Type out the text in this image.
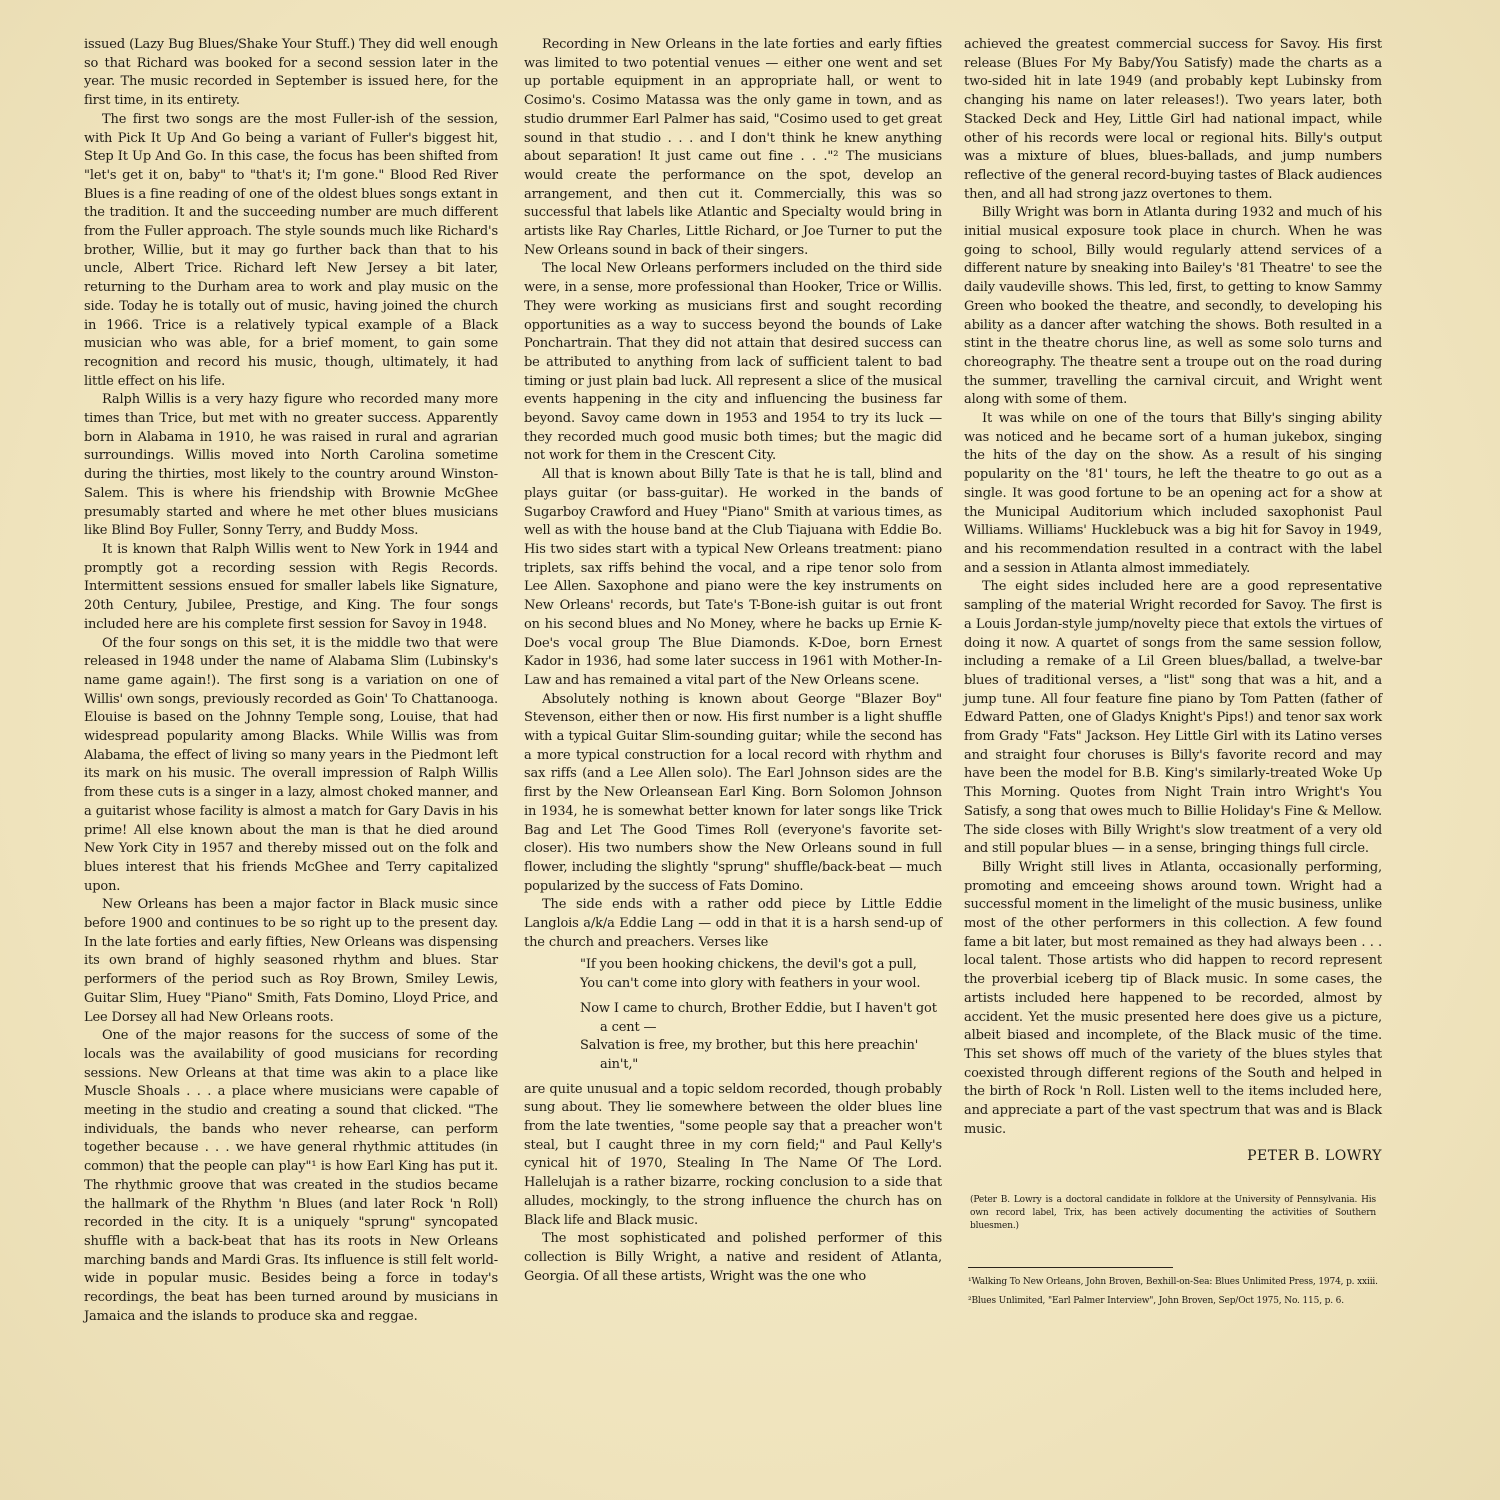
issued (Lazy Bug Blues/Shake Your Stuff.) They did well enough so that Richard was booked for a second session later in the year. The music recorded in September is issued here, for the first time, in its entirety.

The first two songs are the most Fuller-ish of the session, with Pick It Up And Go being a variant of Fuller's biggest hit, Step It Up And Go. In this case, the focus has been shifted from "let's get it on, baby" to "that's it; I'm gone." Blood Red River Blues is a fine reading of one of the oldest blues songs extant in the tradition. It and the succeeding number are much different from the Fuller approach. The style sounds much like Richard's brother, Willie, but it may go further back than that to his uncle, Albert Trice. Richard left New Jersey a bit later, returning to the Durham area to work and play music on the side. Today he is totally out of music, having joined the church in 1966. Trice is a relatively typical example of a Black musician who was able, for a brief moment, to gain some recognition and record his music, though, ultimately, it had little effect on his life.

Ralph Willis is a very hazy figure who recorded many more times than Trice, but met with no greater success. Apparently born in Alabama in 1910, he was raised in rural and agrarian surroundings. Willis moved into North Carolina sometime during the thirties, most likely to the country around Winston-Salem. This is where his friendship with Brownie McGhee presumably started and where he met other blues musicians like Blind Boy Fuller, Sonny Terry, and Buddy Moss.

It is known that Ralph Willis went to New York in 1944 and promptly got a recording session with Regis Records. Intermittent sessions ensued for smaller labels like Signature, 20th Century, Jubilee, Prestige, and King. The four songs included here are his complete first session for Savoy in 1948.

Of the four songs on this set, it is the middle two that were released in 1948 under the name of Alabama Slim (Lubinsky's name game again!). The first song is a variation on one of Willis' own songs, previously recorded as Goin' To Chattanooga. Elouise is based on the Johnny Temple song, Louise, that had widespread popularity among Blacks. While Willis was from Alabama, the effect of living so many years in the Piedmont left its mark on his music. The overall impression of Ralph Willis from these cuts is a singer in a lazy, almost choked manner, and a guitarist whose facility is almost a match for Gary Davis in his prime! All else known about the man is that he died around New York City in 1957 and thereby missed out on the folk and blues interest that his friends McGhee and Terry capitalized upon.

New Orleans has been a major factor in Black music since before 1900 and continues to be so right up to the present day. In the late forties and early fifties, New Orleans was dispensing its own brand of highly seasoned rhythm and blues. Star performers of the period such as Roy Brown, Smiley Lewis, Guitar Slim, Huey "Piano" Smith, Fats Domino, Lloyd Price, and Lee Dorsey all had New Orleans roots.

One of the major reasons for the success of some of the locals was the availability of good musicians for recording sessions. New Orleans at that time was akin to a place like Muscle Shoals . . . a place where musicians were capable of meeting in the studio and creating a sound that clicked. "The individuals, the bands who never rehearse, can perform together because . . . we have general rhythmic attitudes (in common) that the people can play"¹ is how Earl King has put it. The rhythmic groove that was created in the studios became the hallmark of the Rhythm 'n Blues (and later Rock 'n Roll) recorded in the city. It is a uniquely "sprung" syncopated shuffle with a back-beat that has its roots in New Orleans marching bands and Mardi Gras. Its influence is still felt world-wide in popular music. Besides being a force in today's recordings, the beat has been turned around by musicians in Jamaica and the islands to produce ska and reggae.

Recording in New Orleans in the late forties and early fifties was limited to two potential venues — either one went and set up portable equipment in an appropriate hall, or went to Cosimo's. Cosimo Matassa was the only game in town, and as studio drummer Earl Palmer has said, "Cosimo used to get great sound in that studio . . . and I don't think he knew anything about separation! It just came out fine . . ."² The musicians would create the performance on the spot, develop an arrangement, and then cut it. Commercially, this was so successful that labels like Atlantic and Specialty would bring in artists like Ray Charles, Little Richard, or Joe Turner to put the New Orleans sound in back of their singers.

The local New Orleans performers included on the third side were, in a sense, more professional than Hooker, Trice or Willis. They were working as musicians first and sought recording opportunities as a way to success beyond the bounds of Lake Ponchartrain. That they did not attain that desired success can be attributed to anything from lack of sufficient talent to bad timing or just plain bad luck. All represent a slice of the musical events happening in the city and influencing the business far beyond. Savoy came down in 1953 and 1954 to try its luck — they recorded much good music both times; but the magic did not work for them in the Crescent City.

All that is known about Billy Tate is that he is tall, blind and plays guitar (or bass-guitar). He worked in the bands of Sugarboy Crawford and Huey "Piano" Smith at various times, as well as with the house band at the Club Tiajuana with Eddie Bo. His two sides start with a typical New Orleans treatment: piano triplets, sax riffs behind the vocal, and a ripe tenor solo from Lee Allen. Saxophone and piano were the key instruments on New Orleans' records, but Tate's T-Bone-ish guitar is out front on his second blues and No Money, where he backs up Ernie K-Doe's vocal group The Blue Diamonds. K-Doe, born Ernest Kador in 1936, had some later success in 1961 with Mother-In-Law and has remained a vital part of the New Orleans scene.

Absolutely nothing is known about George "Blazer Boy" Stevenson, either then or now. His first number is a light shuffle with a typical Guitar Slim-sounding guitar; while the second has a more typical construction for a local record with rhythm and sax riffs (and a Lee Allen solo). The Earl Johnson sides are the first by the New Orleansean Earl King. Born Solomon Johnson in 1934, he is somewhat better known for later songs like Trick Bag and Let The Good Times Roll (everyone's favorite set-closer). His two numbers show the New Orleans sound in full flower, including the slightly "sprung" shuffle/back-beat — much popularized by the success of Fats Domino.

The side ends with a rather odd piece by Little Eddie Langlois a/k/a Eddie Lang — odd in that it is a harsh send-up of the church and preachers. Verses like

"If you been hooking chickens, the devil's got a pull,
You can't come into glory with feathers in your wool.
Now I came to church, Brother Eddie, but I haven't got a cent —
Salvation is free, my brother, but this here preachin' ain't,"

are quite unusual and a topic seldom recorded, though probably sung about. They lie somewhere between the older blues line from the late twenties, "some people say that a preacher won't steal, but I caught three in my corn field;" and Paul Kelly's cynical hit of 1970, Stealing In The Name Of The Lord. Hallelujah is a rather bizarre, rocking conclusion to a side that alludes, mockingly, to the strong influence the church has on Black life and Black music.

The most sophisticated and polished performer of this collection is Billy Wright, a native and resident of Atlanta, Georgia. Of all these artists, Wright was the one who

achieved the greatest commercial success for Savoy. His first release (Blues For My Baby/You Satisfy) made the charts as a two-sided hit in late 1949 (and probably kept Lubinsky from changing his name on later releases!). Two years later, both Stacked Deck and Hey, Little Girl had national impact, while other of his records were local or regional hits. Billy's output was a mixture of blues, blues-ballads, and jump numbers reflective of the general record-buying tastes of Black audiences then, and all had strong jazz overtones to them.

Billy Wright was born in Atlanta during 1932 and much of his initial musical exposure took place in church. When he was going to school, Billy would regularly attend services of a different nature by sneaking into Bailey's '81 Theatre' to see the daily vaudeville shows. This led, first, to getting to know Sammy Green who booked the theatre, and secondly, to developing his ability as a dancer after watching the shows. Both resulted in a stint in the theatre chorus line, as well as some solo turns and choreography. The theatre sent a troupe out on the road during the summer, travelling the carnival circuit, and Wright went along with some of them.

It was while on one of the tours that Billy's singing ability was noticed and he became sort of a human jukebox, singing the hits of the day on the show. As a result of his singing popularity on the '81' tours, he left the theatre to go out as a single. It was good fortune to be an opening act for a show at the Municipal Auditorium which included saxophonist Paul Williams. Williams' Hucklebuck was a big hit for Savoy in 1949, and his recommendation resulted in a contract with the label and a session in Atlanta almost immediately.

The eight sides included here are a good representative sampling of the material Wright recorded for Savoy. The first is a Louis Jordan-style jump/novelty piece that extols the virtues of doing it now. A quartet of songs from the same session follow, including a remake of a Lil Green blues/ballad, a twelve-bar blues of traditional verses, a "list" song that was a hit, and a jump tune. All four feature fine piano by Tom Patten (father of Edward Patten, one of Gladys Knight's Pips!) and tenor sax work from Grady "Fats" Jackson. Hey Little Girl with its Latino verses and straight four choruses is Billy's favorite record and may have been the model for B.B. King's similarly-treated Woke Up This Morning. Quotes from Night Train intro Wright's You Satisfy, a song that owes much to Billie Holiday's Fine & Mellow. The side closes with Billy Wright's slow treatment of a very old and still popular blues — in a sense, bringing things full circle.

Billy Wright still lives in Atlanta, occasionally performing, promoting and emceeing shows around town. Wright had a successful moment in the limelight of the music business, unlike most of the other performers in this collection. A few found fame a bit later, but most remained as they had always been . . . local talent. Those artists who did happen to record represent the proverbial iceberg tip of Black music. In some cases, the artists included here happened to be recorded, almost by accident. Yet the music presented here does give us a picture, albeit biased and incomplete, of the Black music of the time. This set shows off much of the variety of the blues styles that coexisted through different regions of the South and helped in the birth of Rock 'n Roll. Listen well to the items included here, and appreciate a part of the vast spectrum that was and is Black music.

PETER B. LOWRY
(Peter B. Lowry is a doctoral candidate in folklore at the University of Pennsylvania. His own record label, Trix, has been actively documenting the activities of Southern bluesmen.)
¹Walking To New Orleans, John Broven, Bexhill-on-Sea: Blues Unlimited Press, 1974, p. xxiii.
²Blues Unlimited, "Earl Palmer Interview", John Broven, Sep/Oct 1975, No. 115, p. 6.
